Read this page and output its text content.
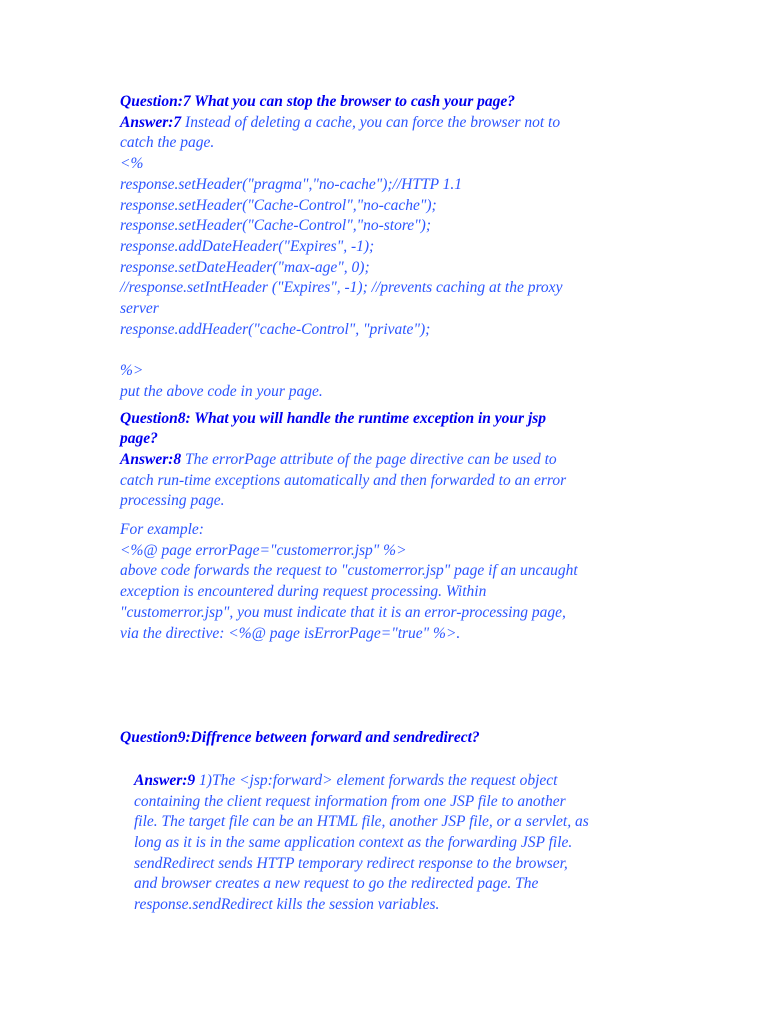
Question:7 What you can stop the browser to cash your page?
Answer:7 Instead of deleting a cache, you can force the browser not to
catch the page.
<%
response.setHeader("pragma","no-cache");//HTTP 1.1
response.setHeader("Cache-Control","no-cache");
response.setHeader("Cache-Control","no-store");
response.addDateHeader("Expires", -1);
response.setDateHeader("max-age", 0);
//response.setIntHeader ("Expires", -1); //prevents caching at the proxy
server
response.addHeader("cache-Control", "private");
%>
put the above code in your page.
Question8: What you will handle the runtime exception in your jsp
page?
Answer:8 The errorPage attribute of the page directive can be used to
catch run-time exceptions automatically and then forwarded to an error
processing page.
For example:
<%@ page errorPage="customerror.jsp" %>
above code forwards the request to "customerror.jsp" page if an uncaught
exception is encountered during request processing. Within
"customerror.jsp", you must indicate that it is an error-processing page,
via the directive: <%@ page isErrorPage="true" %>.
Question9:Diffrence between forward and sendredirect?
Answer:9 1)The <jsp:forward> element forwards the request object
containing the client request information from one JSP file to another
file. The target file can be an HTML file, another JSP file, or a servlet, as
long as it is in the same application context as the forwarding JSP file.
sendRedirect sends HTTP temporary redirect response to the browser,
and browser creates a new request to go the redirected page. The
response.sendRedirect kills the session variables.
